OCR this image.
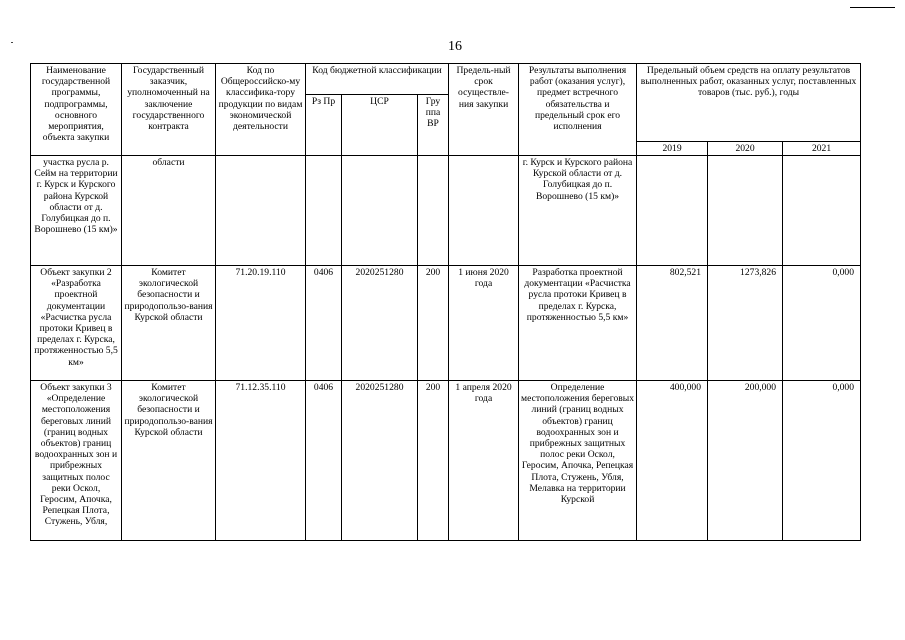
16
Наименование государственной программы, подпрограммы, основного мероприятия, объекта закупки	Государственный заказчик, уполномоченный на заключение государственного контракта	Код по Общероссийско-му классифика-тору продукции по видам экономической деятельности	Код бюджетной классификации			Предель-ный срок осуществле-ния закупки	Результаты выполнения работ (оказания услуг), предмет встречного обязательства и предельный срок его исполнения	Предельный объем средств на оплату результатов выполненных работ, оказанных услуг, поставленных товаров (тыс. руб.), годы		
			Рз Пр	ЦСР	Гру ппа ВР					
								2019	2020	2021
участка русла р. Сейм на территории г. Курск и Курского района Курской области от д. Голубицкая до п. Ворошнево (15 км)»	области						г. Курск и Курского района Курской области от д. Голубицкая до п. Ворошнево (15 км)»			
Объект закупки 2 «Разработка проектной документации «Расчистка русла протоки Кривец в пределах г. Курска, протяженностью 5,5 км»	Комитет экологической безопасности и природопользо-вания Курской области	71.20.19.110	0406	2020251280	200	1 июня 2020 года	Разработка проектной документации «Расчистка русла протоки Кривец в пределах г. Курска, протяженностью 5,5 км»	802,521	1273,826	0,000
Объект закупки 3 «Определение местоположения береговых линий (границ водных объектов) границ водоохранных зон и прибрежных защитных полос реки Оскол, Геросим, Апочка, Репецкая Плота, Стужень, Убля,	Комитет экологической безопасности и природопользо-вания Курской области	71.12.35.110	0406	2020251280	200	1 апреля 2020 года	Определение местоположения береговых линий (границ водных объектов) границ водоохранных зон и прибрежных защитных полос реки Оскол, Геросим, Апочка, Репецкая Плота, Стужень, Убля, Мелавка на территории Курской	400,000	200,000	0,000
